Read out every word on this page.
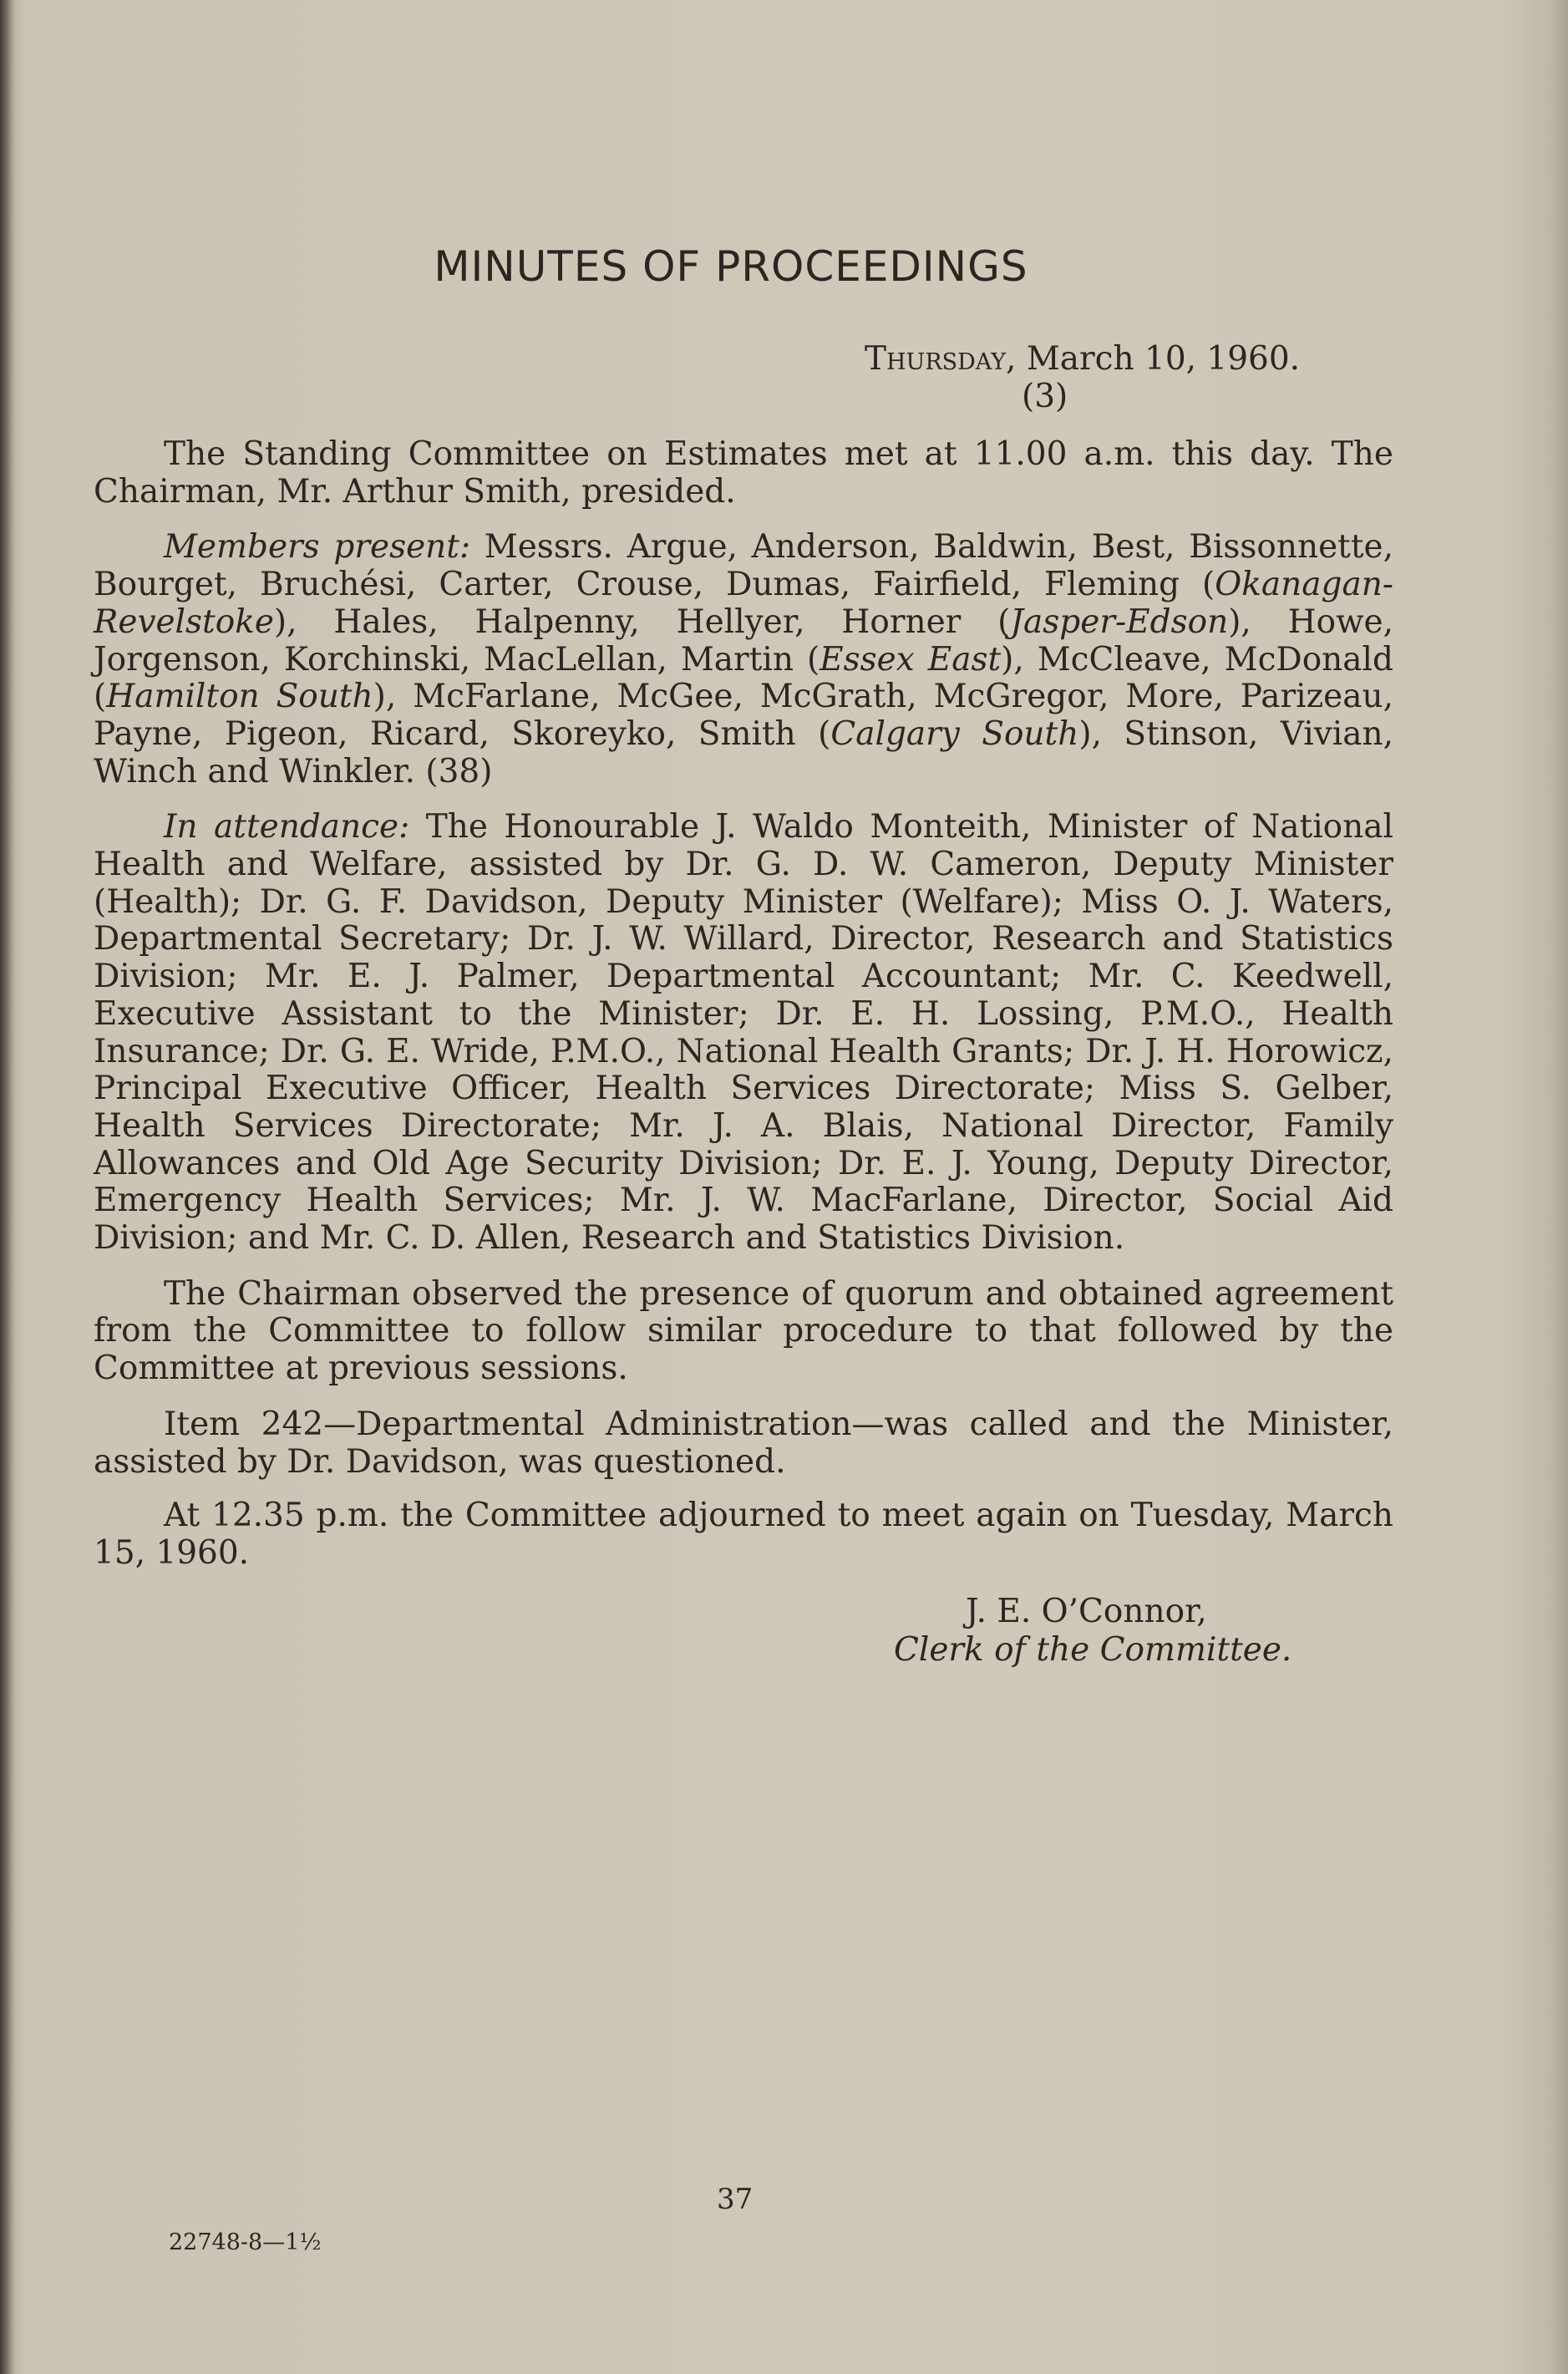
MINUTES OF PROCEEDINGS
Thursday, March 10, 1960.
(3)

The Standing Committee on Estimates met at 11.00 a.m. this day. The Chairman, Mr. Arthur Smith, presided.

Members present: Messrs. Argue, Anderson, Baldwin, Best, Bissonnette, Bourget, Bruchési, Carter, Crouse, Dumas, Fairfield, Fleming (Okanagan-Revelstoke), Hales, Halpenny, Hellyer, Horner (Jasper-Edson), Howe, Jorgenson, Korchinski, MacLellan, Martin (Essex East), McCleave, McDonald (Hamilton South), McFarlane, McGee, McGrath, McGregor, More, Parizeau, Payne, Pigeon, Ricard, Skoreyko, Smith (Calgary South), Stinson, Vivian, Winch and Winkler. (38)

In attendance: The Honourable J. Waldo Monteith, Minister of National Health and Welfare, assisted by Dr. G. D. W. Cameron, Deputy Minister (Health); Dr. G. F. Davidson, Deputy Minister (Welfare); Miss O. J. Waters, Departmental Secretary; Dr. J. W. Willard, Director, Research and Statistics Division; Mr. E. J. Palmer, Departmental Accountant; Mr. C. Keedwell, Executive Assistant to the Minister; Dr. E. H. Lossing, P.M.O., Health Insurance; Dr. G. E. Wride, P.M.O., National Health Grants; Dr. J. H. Horowicz, Principal Executive Officer, Health Services Directorate; Miss S. Gelber, Health Services Directorate; Mr. J. A. Blais, National Director, Family Allowances and Old Age Security Division; Dr. E. J. Young, Deputy Director, Emergency Health Services; Mr. J. W. MacFarlane, Director, Social Aid Division; and Mr. C. D. Allen, Research and Statistics Division.

The Chairman observed the presence of quorum and obtained agreement from the Committee to follow similar procedure to that followed by the Committee at previous sessions.

Item 242—Departmental Administration—was called and the Minister, assisted by Dr. Davidson, was questioned.

At 12.35 p.m. the Committee adjourned to meet again on Tuesday, March 15, 1960.

J. E. O’Connor,
Clerk of the Committee.
37
22748-8—1½
